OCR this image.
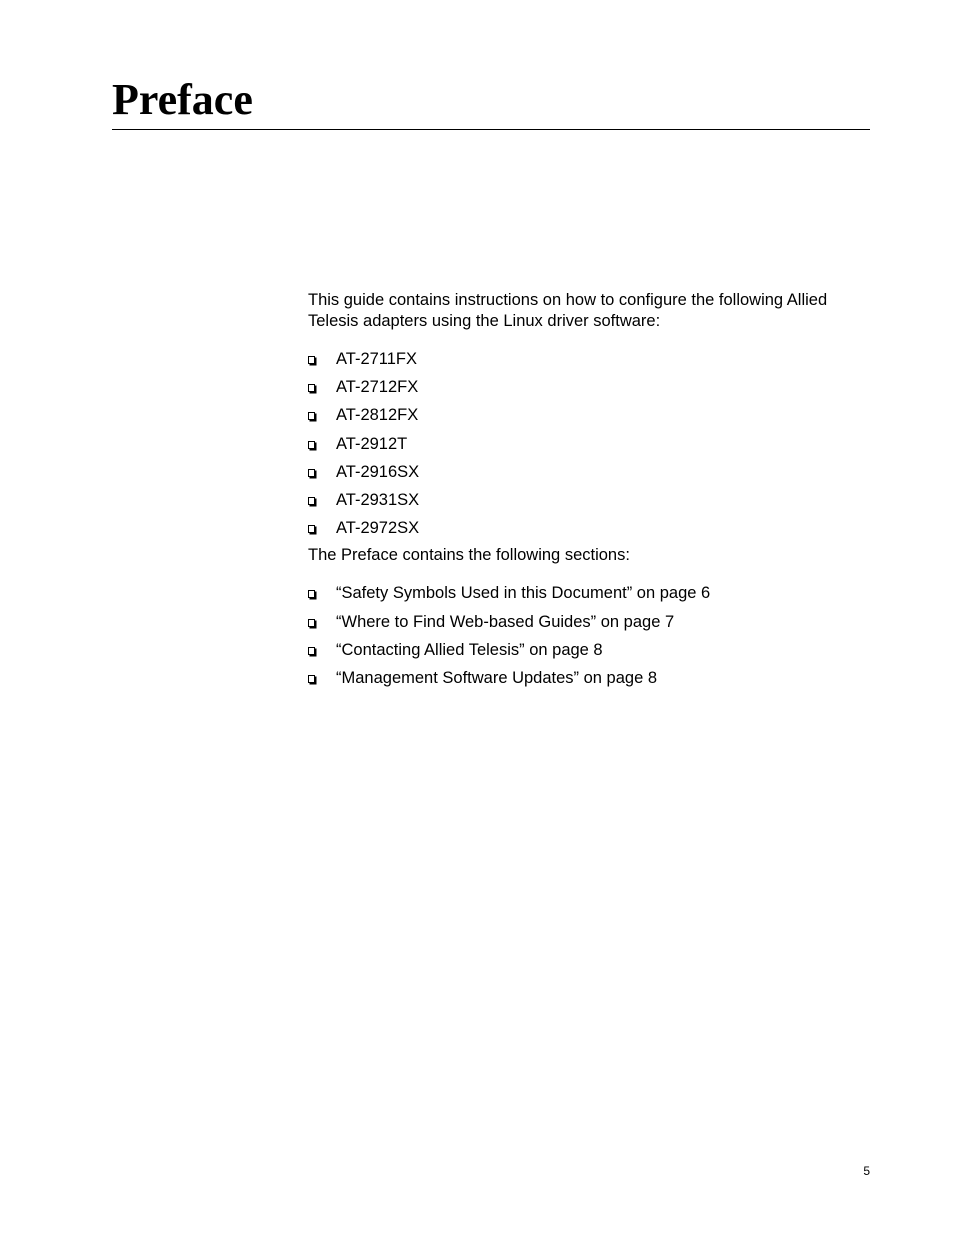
Preface

This guide contains instructions on how to configure the following Allied Telesis adapters using the Linux driver software:

AT-2711FX
AT-2712FX
AT-2812FX
AT-2912T
AT-2916SX
AT-2931SX
AT-2972SX

The Preface contains the following sections:

“Safety Symbols Used in this Document” on page 6
“Where to Find Web-based Guides” on page 7
“Contacting Allied Telesis” on page 8
“Management Software Updates” on page 8
5
